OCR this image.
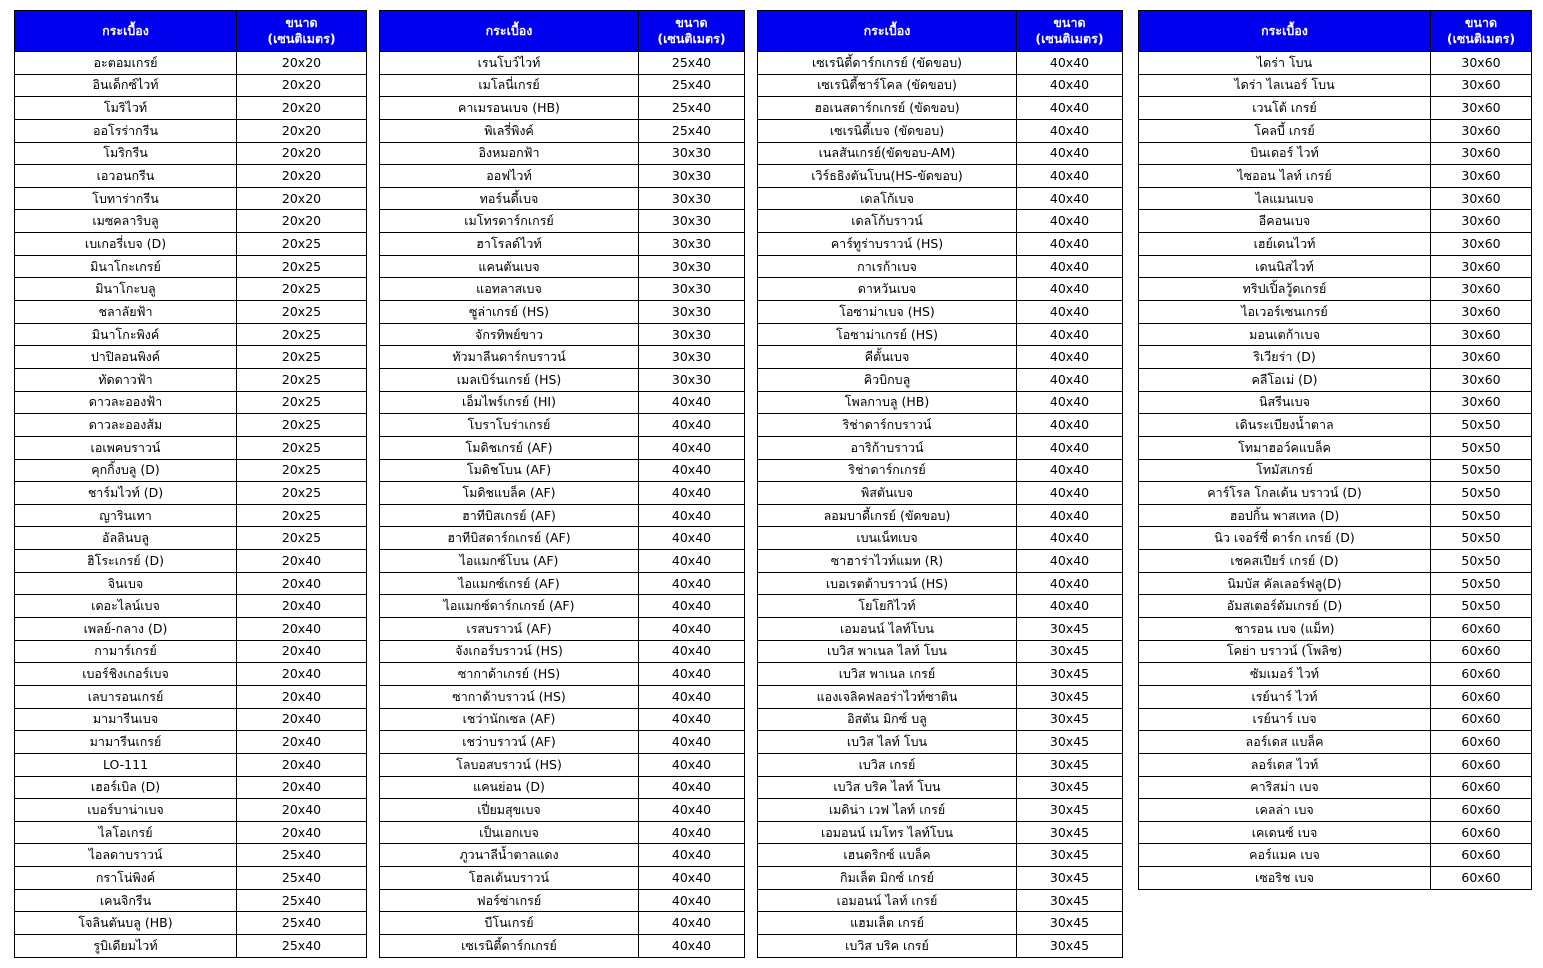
กระเบื้อง	ขนาด
(เซนติเมตร)

อะตอมเกรย์	20x20
อินเด็กซ์ไวท์	20x20
โมริไวท์	20x20
ออโรร่ากรีน	20x20
โมริกรีน	20x20
เอวอนกรีน	20x20
โบทาร่ากรีน	20x20
เมซคลาริบลู	20x20
เบเกอรี่เบจ (D)	20x25
มินาโกะเกรย์	20x25
มินาโกะบลู	20x25
ชลาลัยฟ้า	20x25
มินาโกะพิงค์	20x25
ปาปิลอนพิงค์	20x25
ทัดดาวฟ้า	20x25
ดาวละอองฟ้า	20x25
ดาวละอองส้ม	20x25
เอเพคบราวน์	20x25
คุกกิ้งบลู (D)	20x25
ชาร์มไวท์ (D)	20x25
ญารินเทา	20x25
อัลลินบลู	20x25
ฮิโระเกรย์ (D)	20x40
จินเบจ	20x40
เดอะไลน์เบจ	20x40
เพลย์-กลาง (D)	20x40
กามาร์เกรย์	20x40
เบอร์ชิงเกอร์เบจ	20x40
เลบารอนเกรย์	20x40
มามารีนเบจ	20x40
มามารีนเกรย์	20x40
LO-111	20x40
เฮอร์เบิล (D)	20x40
เบอร์บาน่าเบจ	20x40
ไลโอเกรย์	20x40
ไอลดาบราวน์	25x40
กราโน่พิงค์	25x40
เคนจิกรีน	25x40
โจลินตันบลู (HB)	25x40
รูบิเดียมไวท์	25x40
กระเบื้อง	ขนาด
(เซนติเมตร)

เรนโบว์ไวท์	25x40
เมโลนี่เกรย์	25x40
คาเมรอนเบจ (HB)	25x40
พิเลรี่พิงค์	25x40
อิงหมอกฟ้า	30x30
ออฟไวท์	30x30
ทอร์นดี้เบจ	30x30
เมโทรดาร์กเกรย์	30x30
ฮาโรลด์ไวท์	30x30
แคนตันเบจ	30x30
แอทลาสเบจ	30x30
ซูล่าเกรย์ (HS)	30x30
จักรทิพย์ขาว	30x30
ทัวมาลีนดาร์กบราวน์	30x30
เมลเบิร์นเกรย์ (HS)	30x30
เอ็มไพร์เกรย์ (HI)	40x40
โบราโบร่าเกรย์	40x40
โมดิชเกรย์ (AF)	40x40
โมดิชโบน (AF)	40x40
โมดิชแบล็ค (AF)	40x40
ฮาทีบิสเกรย์ (AF)	40x40
ฮาทีบิสดาร์กเกรย์ (AF)	40x40
ไอแมกซ์โบน (AF)	40x40
ไอแมกซ์เกรย์ (AF)	40x40
ไอแมกซ์ดาร์กเกรย์ (AF)	40x40
เรสบราวน์ (AF)	40x40
จังเกอร์บราวน์ (HS)	40x40
ซากาด้าเกรย์ (HS)	40x40
ซากาด้าบราวน์ (HS)	40x40
เชว่านักเซล (AF)	40x40
เชว่าบราวน์ (AF)	40x40
โลบอสบราวน์ (HS)	40x40
แคนย่อน (D)	40x40
เปี่ยมสุขเบจ	40x40
เป็นเอกเบจ	40x40
ภูวนาลีน้ำตาลแดง	40x40
โฮลเด้นบราวน์	40x40
ฟอร์ซ่าเกรย์	40x40
บีโนเกรย์	40x40
เซเรนิตี้ดาร์กเกรย์	40x40
กระเบื้อง	ขนาด
(เซนติเมตร)

เซเรนิตี้ดาร์กเกรย์ (ขัดขอบ)	40x40
เซเรนิตี้ชาร์โคล (ขัดขอบ)	40x40
ฮอเนสดาร์กเกรย์ (ขัดขอบ)	40x40
เซเรนิตี้เบจ (ขัดขอบ)	40x40
เนลสันเกรย์(ขัดขอบ-AM)	40x40
เวิร์ธธิงตันโบน(HS-ขัดขอบ)	40x40
เดลโก้เบจ	40x40
เดลโก้บราวน์	40x40
คาร์ทูร่าบราวน์ (HS)	40x40
กาเรก้าเบจ	40x40
ดาหวันเบจ	40x40
โอซาม่าเบจ (HS)	40x40
โอซาม่าเกรย์ (HS)	40x40
คีตั้นเบจ	40x40
คิวบิกบลู	40x40
โพลกาบลู (HB)	40x40
ริช่าดาร์กบราวน์	40x40
อาริก้าบราวน์	40x40
ริช่าดาร์กเกรย์	40x40
พิสตันเบจ	40x40
ลอมบาดี้เกรย์ (ขัดขอบ)	40x40
เบนเน็ทเบจ	40x40
ซาฮาร่าไวท์แมท (R)	40x40
เบอเรตต้าบราวน์ (HS)	40x40
โยโยกิไวท์	40x40
เอมอนน์ ไลท์โบน	30x45
เบวิส พาเนล ไลท์ โบน	30x45
เบวิส พาเนล เกรย์	30x45
แองเจลิคฟลอร่าไวท์ซาติน	30x45
อิสตัน มิกซ์ บลู	30x45
เบวิส ไลท์ โบน	30x45
เบวิส เกรย์	30x45
เบวิส บริค ไลท์ โบน	30x45
เมดิน่า เวฟ ไลท์ เกรย์	30x45
เอมอนน์ เมโทร ไลท์โบน	30x45
เฮนดริกซ์ แบล็ค	30x45
กิมเล็ต มิกซ์ เกรย์	30x45
เอมอนน์ ไลท์ เกรย์	30x45
แฮมเล็ต เกรย์	30x45
เบวิส บริค เกรย์	30x45
กระเบื้อง	ขนาด
(เซนติเมตร)

ไดร่า โบน	30x60
ไดร่า ไลเนอร์ โบน	30x60
เวนโต้ เกรย์	30x60
โคลบี้ เกรย์	30x60
บินเดอร์ ไวท์	30x60
ไซออน ไลท์ เกรย์	30x60
ไลแมนเบจ	30x60
อีคอนเบจ	30x60
เฮย์เดนไวท์	30x60
เดนนิสไวท์	30x60
ทริปเปิ้ลวู้ดเกรย์	30x60
ไอเวอร์เซนเกรย์	30x60
มอนเตก้าเบจ	30x60
ริเวียร่า (D)	30x60
คลีโอเม่ (D)	30x60
นิสรีนเบจ	30x60
เดินระเบียงน้ำตาล	50x50
โทมาฮอว์คแบล็ค	50x50
โทมัสเกรย์	50x50
คาร์โรล โกลเด้น บราวน์ (D)	50x50
ฮอปกิ้น พาสเทล (D)	50x50
นิว เจอร์ซี่ ดาร์ก เกรย์ (D)	50x50
เชคสเปียร์ เกรย์ (D)	50x50
นิมบัส คัลเลอร์ฟลู(D)	50x50
อัมสเตอร์ดัมเกรย์ (D)	50x50
ชารอน เบจ (แม็ท)	60x60
โคย่า บราวน์ (โพลิช)	60x60
ซัมเมอร์ ไวท์	60x60
เรย์นาร์ ไวท์	60x60
เรย์นาร์ เบจ	60x60
ลอร์เดส แบล็ค	60x60
ลอร์เดส ไวท์	60x60
คาริสม่า เบจ	60x60
เคลล่า เบจ	60x60
เคเดนซ์ เบจ	60x60
คอร์แมค เบจ	60x60
เซอริช เบจ	60x60
